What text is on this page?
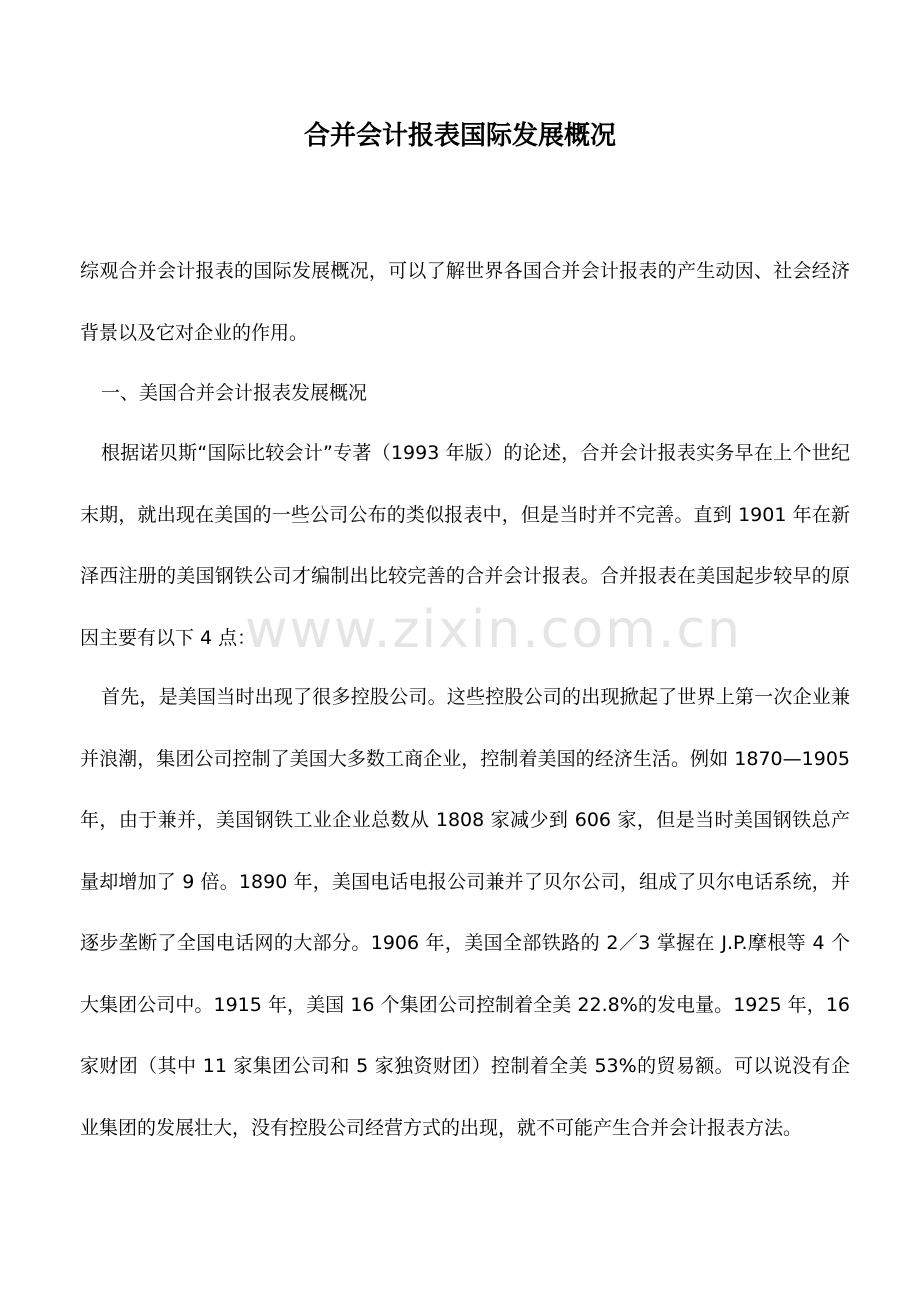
合并会计报表国际发展概况

综观合并会计报表的国际发展概况，可以了解世界各国合并会计报表的产生动因、社会经济背景以及它对企业的作用。

一、美国合并会计报表发展概况

根据诺贝斯“国际比较会计”专著（1993 年版）的论述，合并会计报表实务早在上个世纪末期，就出现在美国的一些公司公布的类似报表中，但是当时并不完善。直到 1901 年在新泽西注册的美国钢铁公司才编制出比较完善的合并会计报表。合并报表在美国起步较早的原因主要有以下 4 点：

首先，是美国当时出现了很多控股公司。这些控股公司的出现掀起了世界上第一次企业兼并浪潮，集团公司控制了美国大多数工商企业，控制着美国的经济生活。例如 1870—1905 年，由于兼并，美国钢铁工业企业总数从 1808 家减少到 606 家，但是当时美国钢铁总产量却增加了 9 倍。1890 年，美国电话电报公司兼并了贝尔公司，组成了贝尔电话系统，并逐步垄断了全国电话网的大部分。1906 年，美国全部铁路的 2／3 掌握在 J.P.摩根等 4 个大集团公司中。1915 年，美国 16 个集团公司控制着全美 22.8%的发电量。1925 年，16 家财团（其中 11 家集团公司和 5 家独资财团）控制着全美 53%的贸易额。可以说没有企业集团的发展壮大，没有控股公司经营方式的出现，就不可能产生合并会计报表方法。

www.zixin.com.cn
